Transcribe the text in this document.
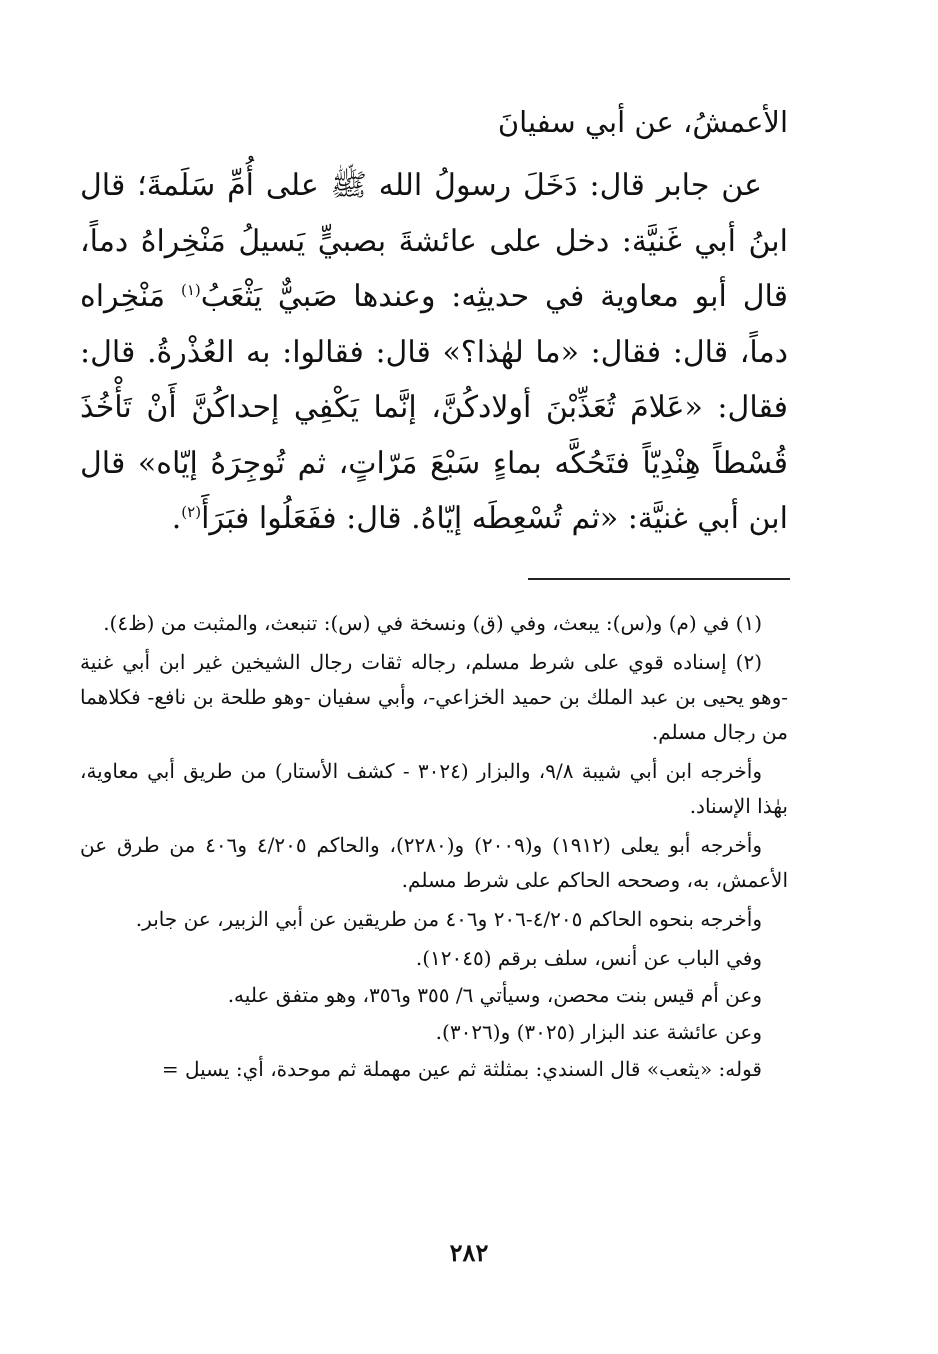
الأعمشُ، عن أبي سفيانَ
عن جابر قال: دَخَلَ رسولُ الله ﷺ على أُمِّ سَلَمةَ؛ قال ابنُ أبي غَنيَّة: دخل على عائشةَ بصبيٍّ يَسيلُ مَنْخِراهُ دماً، قال أبو معاوية في حديثِه: وعندها صَبيٌّ يَثْعَبُ$^{(١)}$ مَنْخِراه دماً، قال: فقال: «ما لهٰذا؟» قال: فقالوا: به العُذْرةُ. قال: فقال: «عَلامَ تُعَذِّبْنَ أولادكُنَّ، إنَّما يَكْفِي إحداكُنَّ أَنْ تَأْخُذَ قُسْطاً هِنْدِيّاً فتَحُكَّه بماءٍ سَبْعَ مَرّاتٍ، ثم تُوجِرَهُ إيّاه» قال ابن أبي غنيَّة: «ثم تُسْعِطَه إيّاهُ. قال: ففَعَلُوا فبَرَأَ$^{(٢)}$.

(١) في (م) و(س): يبعث، وفي (ق) ونسخة في (س): تنبعث، والمثبت من (ظ٤).

(٢) إسناده قوي على شرط مسلم، رجاله ثقات رجال الشيخين غير ابن أبي غنية -وهو يحيى بن عبد الملك بن حميد الخزاعي-، وأبي سفيان -وهو طلحة بن نافع- فكلاهما من رجال مسلم.

وأخرجه ابن أبي شيبة ٩/٨، والبزار (٣٠٢٤ - كشف الأستار) من طريق أبي معاوية، بهٰذا الإسناد.

وأخرجه أبو يعلى (١٩١٢) و(٢٠٠٩) و(٢٢٨٠)، والحاكم ٤/٢٠٥ و٤٠٦ من طرق عن الأعمش، به، وصححه الحاكم على شرط مسلم.

وأخرجه بنحوه الحاكم ٤/٢٠٥-٢٠٦ و٤٠٦ من طريقين عن أبي الزبير، عن جابر.

وفي الباب عن أنس، سلف برقم (١٢٠٤٥).

وعن أم قيس بنت محصن، وسيأتي ٦/ ٣٥٥ و٣٥٦، وهو متفق عليه.

وعن عائشة عند البزار (٣٠٢٥) و(٣٠٢٦).

قوله: «يثعب» قال السندي: بمثلثة ثم عين مهملة ثم موحدة، أي: يسيل =

٢٨٢
